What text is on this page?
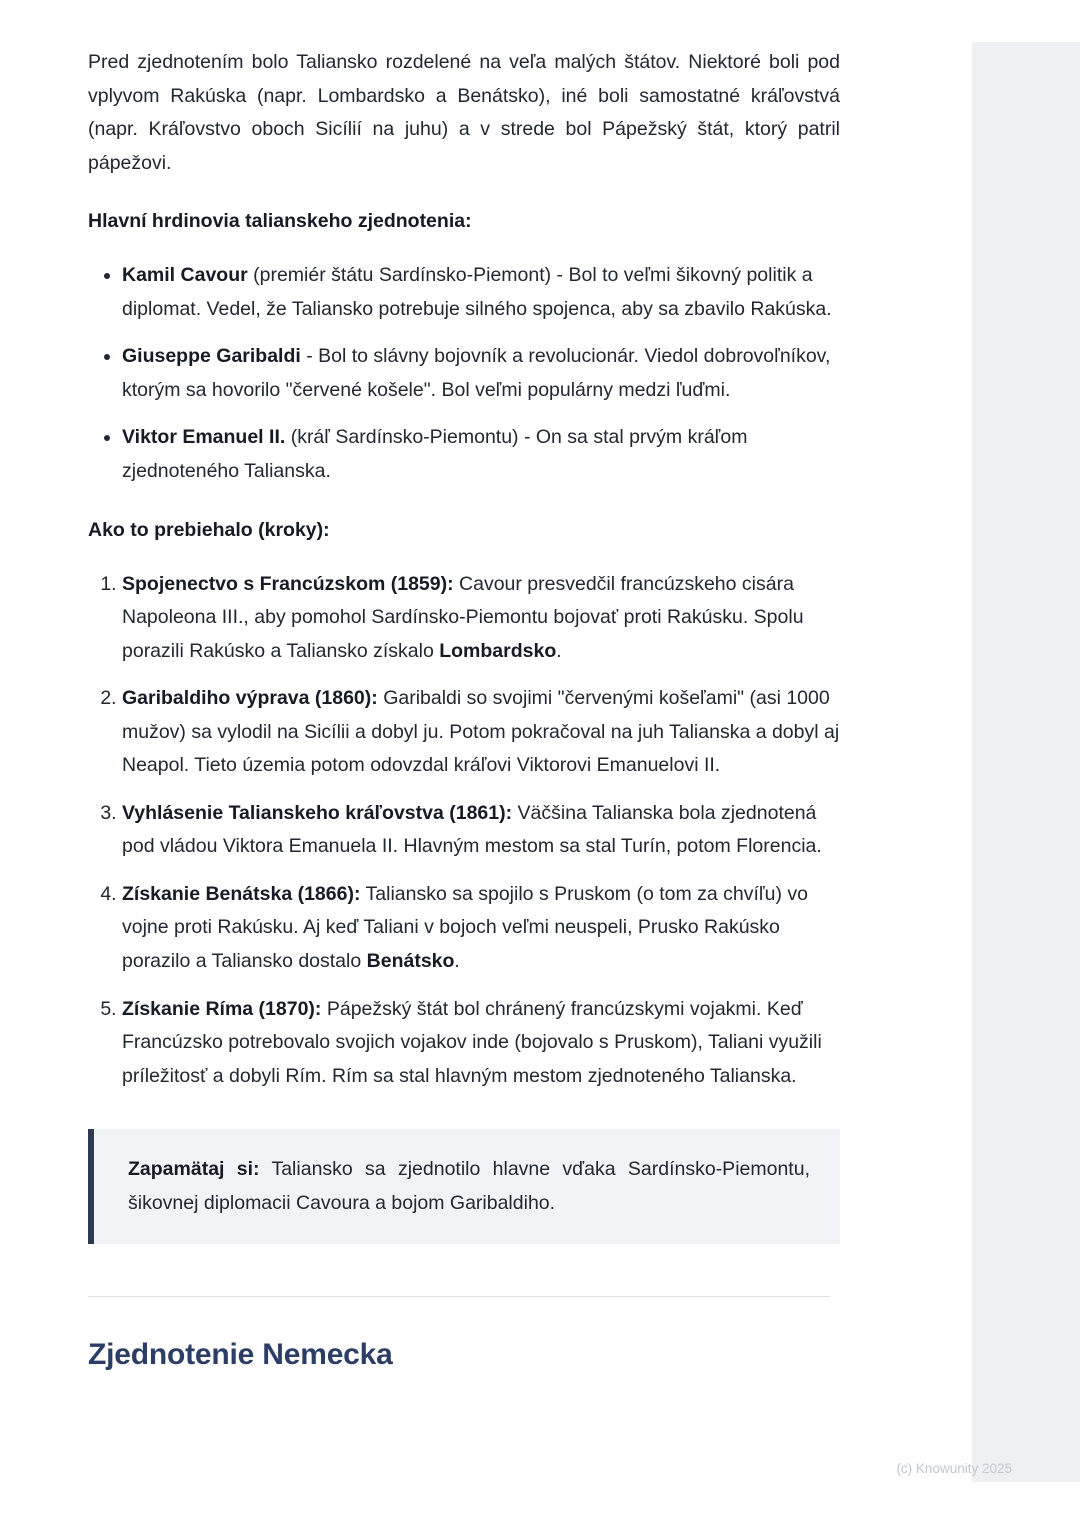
Pred zjednotením bolo Taliansko rozdelené na veľa malých štátov. Niektoré boli pod vplyvom Rakúska (napr. Lombardsko a Benátsko), iné boli samostatné kráľovstvá (napr. Kráľovstvo oboch Sicílií na juhu) a v strede bol Pápežský štát, ktorý patril pápežovi.

Hlavní hrdinovia talianskeho zjednotenia:
• Kamil Cavour (premiér štátu Sardínsko-Piemont) - Bol to veľmi šikovný politik a diplomat. Vedel, že Taliansko potrebuje silného spojenca, aby sa zbavilo Rakúska.
• Giuseppe Garibaldi - Bol to slávny bojovník a revolucionár. Viedol dobrovoľníkov, ktorým sa hovorilo "červené košele". Bol veľmi populárny medzi ľuďmi.
• Viktor Emanuel II. (kráľ Sardínsko-Piemontu) - On sa stal prvým kráľom zjednoteného Talianska.
Ako to prebiehalo (kroky):
1. Spojenectvo s Francúzskom (1859): Cavour presvedčil francúzskeho cisára Napoleona III., aby pomohol Sardínsko-Piemontu bojovať proti Rakúsku. Spolu porazili Rakúsko a Taliansko získalo Lombardsko.
2. Garibaldiho výprava (1860): Garibaldi so svojimi "červenými košeľami" (asi 1000 mužov) sa vylodil na Sicílii a dobyl ju. Potom pokračoval na juh Talianska a dobyl aj Neapol. Tieto územia potom odovzdal kráľovi Viktorovi Emanuelovi II.
3. Vyhlásenie Talianskeho kráľovstva (1861): Väčšina Talianska bola zjednotená pod vládou Viktora Emanuela II. Hlavným mestom sa stal Turín, potom Florencia.
4. Získanie Benátska (1866): Taliansko sa spojilo s Pruskom (o tom za chvíľu) vo vojne proti Rakúsku. Aj keď Taliani v bojoch veľmi neuspeli, Prusko Rakúsko porazilo a Taliansko dostalo Benátsko.
5. Získanie Ríma (1870): Pápežský štát bol chránený francúzskymi vojakmi. Keď Francúzsko potrebovalo svojich vojakov inde (bojovalo s Pruskom), Taliani využili príležitosť a dobyli Rím. Rím sa stal hlavným mestom zjednoteného Talianska.
Zapamätaj si: Taliansko sa zjednotilo hlavne vďaka Sardínsko-Piemontu, šikovnej diplomacii Cavoura a bojom Garibaldiho.
Zjednotenie Nemecka
(c) Knowunity 2025
